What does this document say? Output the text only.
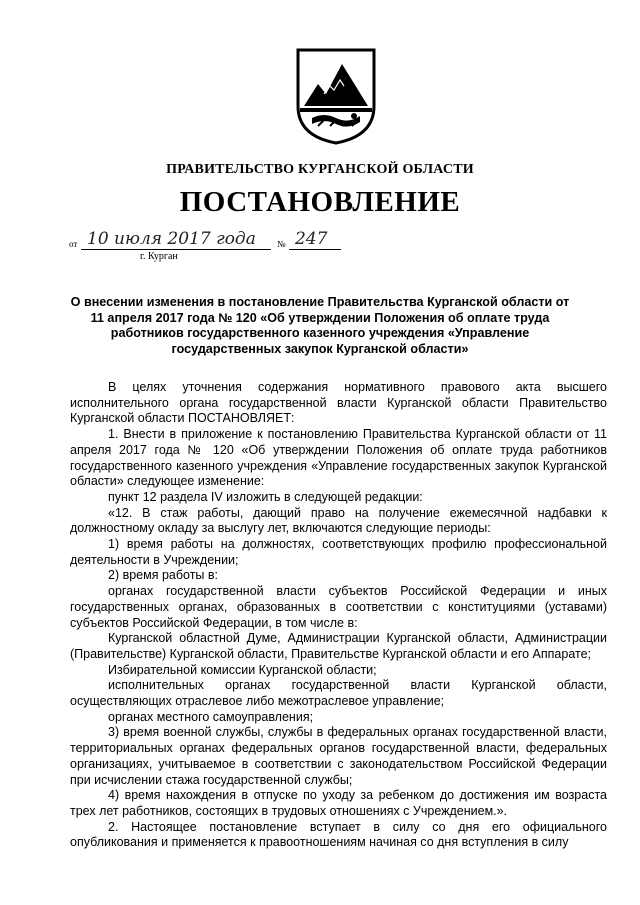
ПРАВИТЕЛЬСТВО КУРГАНСКОЙ ОБЛАСТИ
ПОСТАНОВЛЕНИЕ
от 10 июля 2017 года № 247
г. Курган
О внесении изменения в постановление Правительства Курганской области от 11 апреля 2017 года № 120 «Об утверждении Положения об оплате труда работников государственного казенного учреждения «Управление государственных закупок Курганской области»

В целях уточнения содержания нормативного правового акта высшего исполнительного органа государственной власти Курганской области Правительство Курганской области ПОСТАНОВЛЯЕТ:

1. Внести в приложение к постановлению Правительства Курганской области от 11 апреля 2017 года № 120 «Об утверждении Положения об оплате труда работников государственного казенного учреждения «Управление государственных закупок Курганской области» следующее изменение:

пункт 12 раздела IV изложить в следующей редакции:

«12. В стаж работы, дающий право на получение ежемесячной надбавки к должностному окладу за выслугу лет, включаются следующие периоды:

1) время работы на должностях, соответствующих профилю профессиональной деятельности в Учреждении;

2) время работы в:

органах государственной власти субъектов Российской Федерации и иных государственных органах, образованных в соответствии с конституциями (уставами) субъектов Российской Федерации, в том числе в:

Курганской областной Думе, Администрации Курганской области, Администрации (Правительстве) Курганской области, Правительстве Курганской области и его Аппарате;

Избирательной комиссии Курганской области;

исполнительных органах государственной власти Курганской области, осуществляющих отраслевое либо межотраслевое управление;

органах местного самоуправления;

3) время военной службы, службы в федеральных органах государственной власти, территориальных органах федеральных органов государственной власти, федеральных организациях, учитываемое в соответствии с законодательством Российской Федерации при исчислении стажа государственной службы;

4) время нахождения в отпуске по уходу за ребенком до достижения им возраста трех лет работников, состоящих в трудовых отношениях с Учреждением.».

2. Настоящее постановление вступает в силу со дня его официального опубликования и применяется к правоотношениям начиная со дня вступления в силу
